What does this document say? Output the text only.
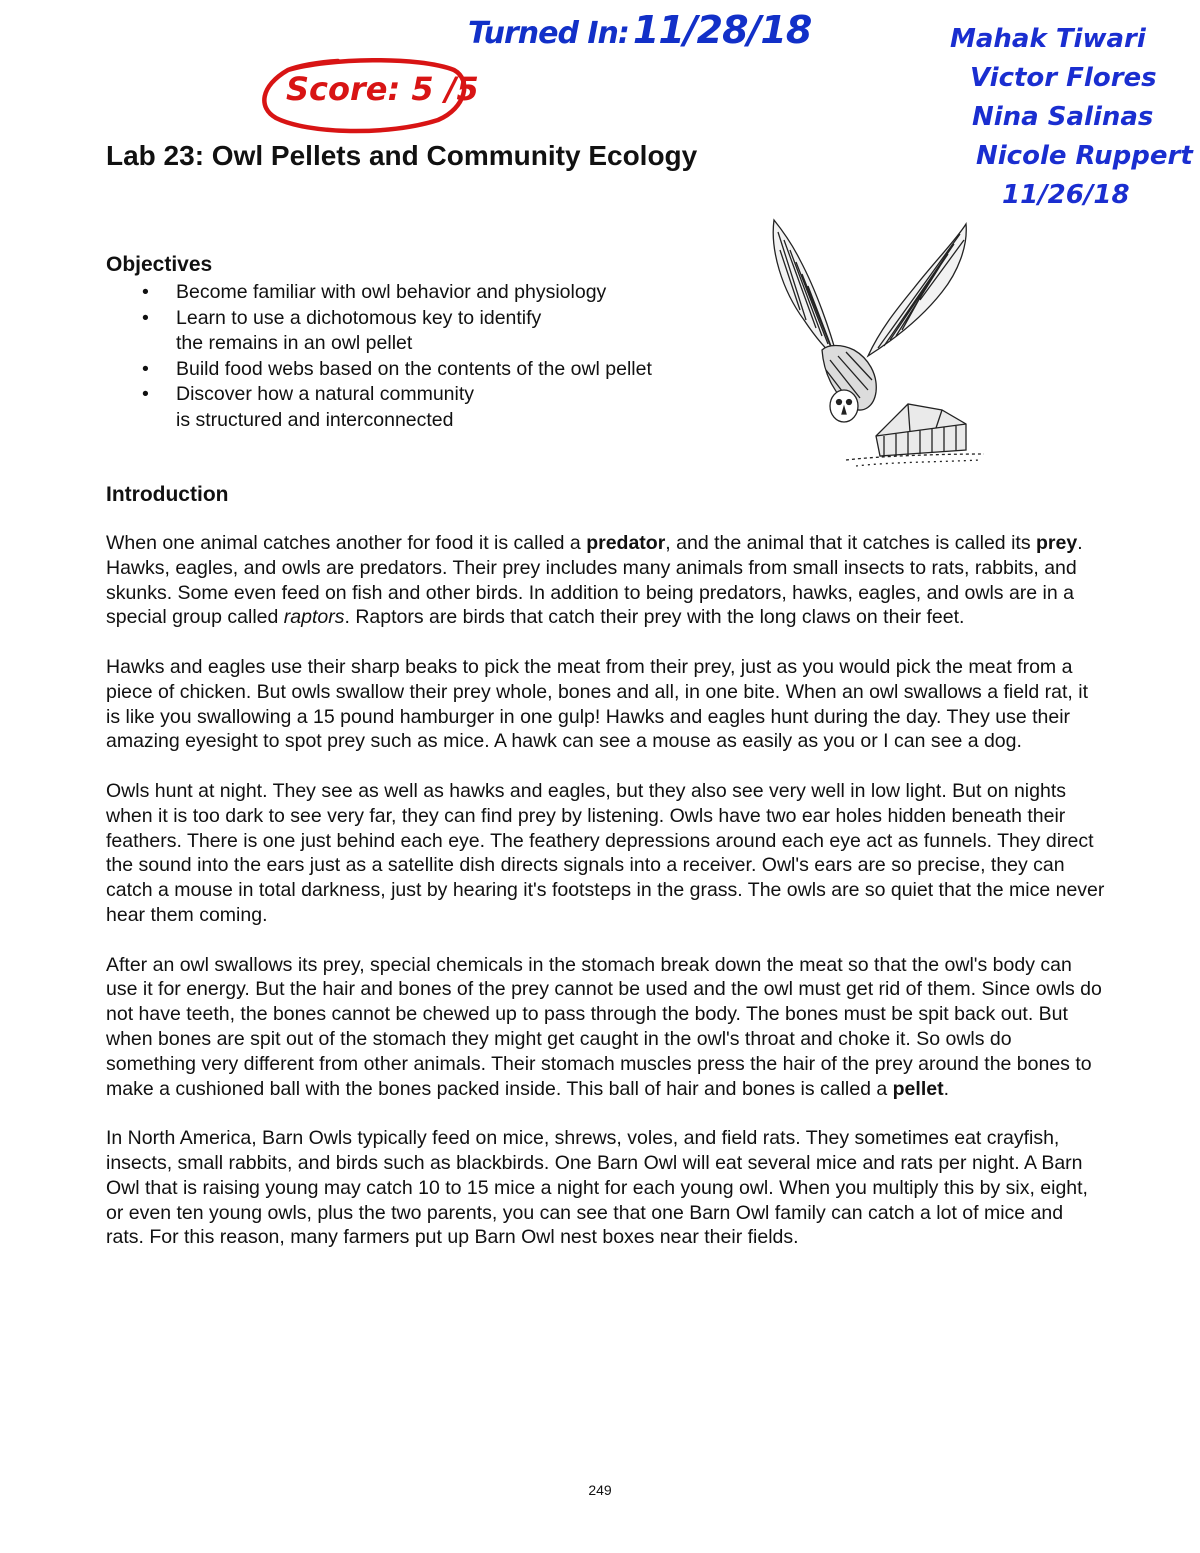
Turned In: 11/28/18
Score: 5 /5
Mahak Tiwari
Victor Flores
Nina Salinas
Nicole Ruppert
11/26/18
Lab 23: Owl Pellets and Community Ecology
Objectives
• Become familiar with owl behavior and physiology
• Learn to use a dichotomous key to identify
the remains in an owl pellet
• Build food webs based on the contents of the owl pellet
• Discover how a natural community
is structured and interconnected
Introduction

When one animal catches another for food it is called a predator, and the animal that it catches is called its prey. Hawks, eagles, and owls are predators. Their prey includes many animals from small insects to rats, rabbits, and skunks. Some even feed on fish and other birds. In addition to being predators, hawks, eagles, and owls are in a special group called raptors. Raptors are birds that catch their prey with the long claws on their feet.

Hawks and eagles use their sharp beaks to pick the meat from their prey, just as you would pick the meat from a piece of chicken. But owls swallow their prey whole, bones and all, in one bite. When an owl swallows a field rat, it is like you swallowing a 15 pound hamburger in one gulp! Hawks and eagles hunt during the day. They use their amazing eyesight to spot prey such as mice. A hawk can see a mouse as easily as you or I can see a dog.

Owls hunt at night. They see as well as hawks and eagles, but they also see very well in low light. But on nights when it is too dark to see very far, they can find prey by listening. Owls have two ear holes hidden beneath their feathers. There is one just behind each eye. The feathery depressions around each eye act as funnels. They direct the sound into the ears just as a satellite dish directs signals into a receiver. Owl's ears are so precise, they can catch a mouse in total darkness, just by hearing it's footsteps in the grass. The owls are so quiet that the mice never hear them coming.

After an owl swallows its prey, special chemicals in the stomach break down the meat so that the owl's body can use it for energy. But the hair and bones of the prey cannot be used and the owl must get rid of them. Since owls do not have teeth, the bones cannot be chewed up to pass through the body. The bones must be spit back out. But when bones are spit out of the stomach they might get caught in the owl's throat and choke it. So owls do something very different from other animals. Their stomach muscles press the hair of the prey around the bones to make a cushioned ball with the bones packed inside. This ball of hair and bones is called a pellet.

In North America, Barn Owls typically feed on mice, shrews, voles, and field rats. They sometimes eat crayfish, insects, small rabbits, and birds such as blackbirds. One Barn Owl will eat several mice and rats per night. A Barn Owl that is raising young may catch 10 to 15 mice a night for each young owl. When you multiply this by six, eight, or even ten young owls, plus the two parents, you can see that one Barn Owl family can catch a lot of mice and rats. For this reason, many farmers put up Barn Owl nest boxes near their fields.

249
